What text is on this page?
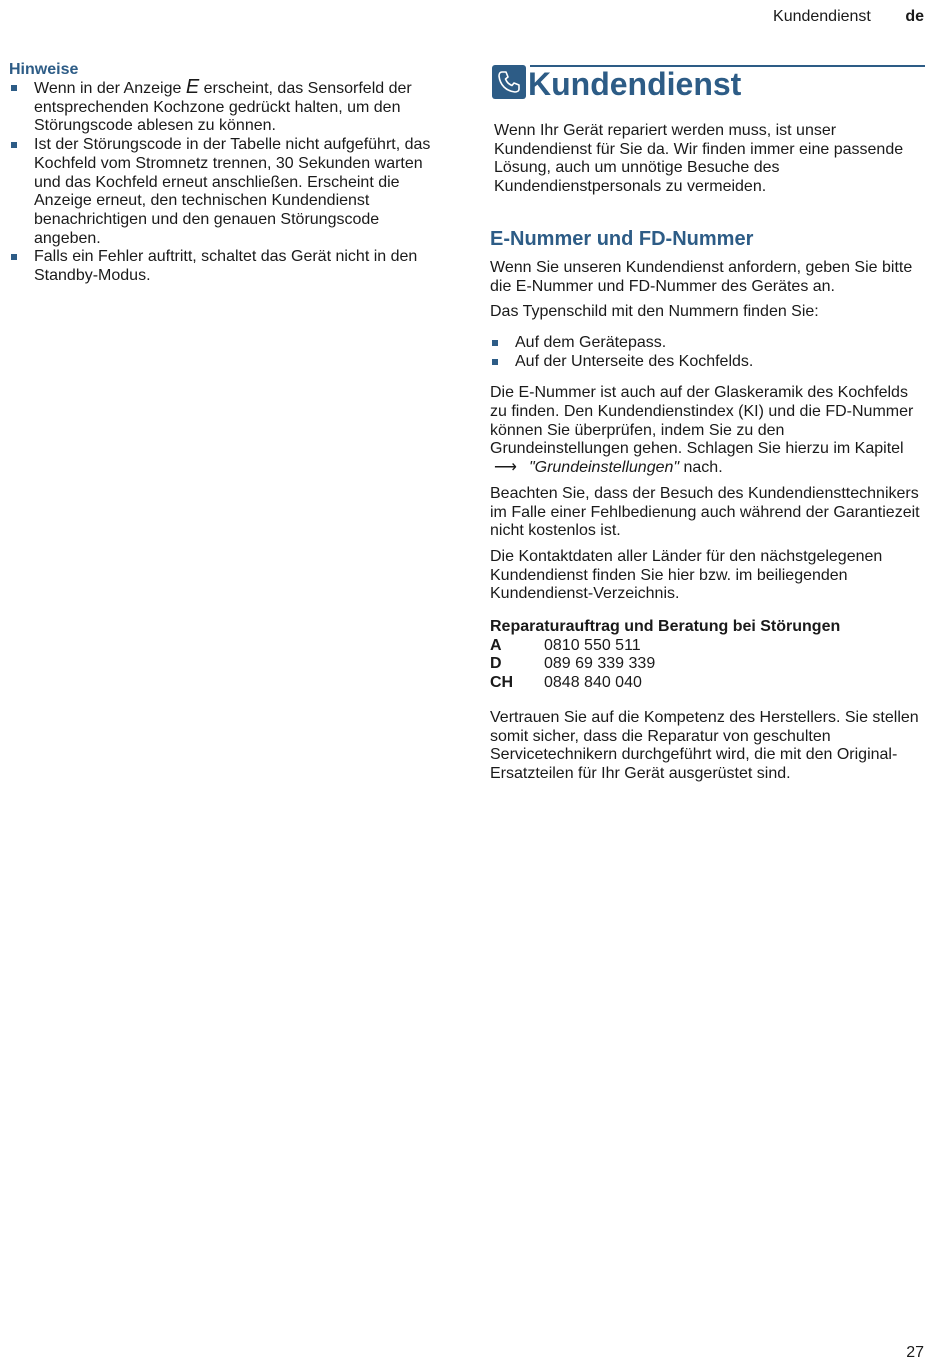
Kundendienst de

Hinweise

Wenn in der Anzeige E erscheint, das Sensorfeld der entsprechenden Kochzone gedrückt halten, um den Störungscode ablesen zu können.
Ist der Störungscode in der Tabelle nicht aufgeführt, das Kochfeld vom Stromnetz trennen, 30 Sekunden warten und das Kochfeld erneut anschließen. Erscheint die Anzeige erneut, den technischen Kundendienst benachrichtigen und den genauen Störungscode angeben.
Falls ein Fehler auftritt, schaltet das Gerät nicht in den Standby-Modus.

Kundendienst

Wenn Ihr Gerät repariert werden muss, ist unser Kundendienst für Sie da. Wir finden immer eine passende Lösung, auch um unnötige Besuche des Kundendienstpersonals zu vermeiden.

E-Nummer und FD-Nummer

Wenn Sie unseren Kundendienst anfordern, geben Sie bitte die E-Nummer und FD-Nummer des Gerätes an.

Das Typenschild mit den Nummern finden Sie:

Auf dem Gerätepass.
Auf der Unterseite des Kochfelds.

Die E-Nummer ist auch auf der Glaskeramik des Kochfelds zu finden. Den Kundendienstindex (KI) und die FD-Nummer können Sie überprüfen, indem Sie zu den Grundeinstellungen gehen. Schlagen Sie hierzu im Kapitel⟶ "Grundeinstellungen" nach.

Beachten Sie, dass der Besuch des Kundendiensttechnikers im Falle einer Fehlbedienung auch während der Garantiezeit nicht kostenlos ist.

Die Kontaktdaten aller Länder für den nächstgelegenen Kundendienst finden Sie hier bzw. im beiliegenden Kundendienst-Verzeichnis.

Reparaturauftrag und Beratung bei Störungen

A	0810 550 511
D	089 69 339 339
CH	0848 840 040

Vertrauen Sie auf die Kompetenz des Herstellers. Sie stellen somit sicher, dass die Reparatur von geschulten Servicetechnikern durchgeführt wird, die mit den Original-Ersatzteilen für Ihr Gerät ausgerüstet sind.

27
